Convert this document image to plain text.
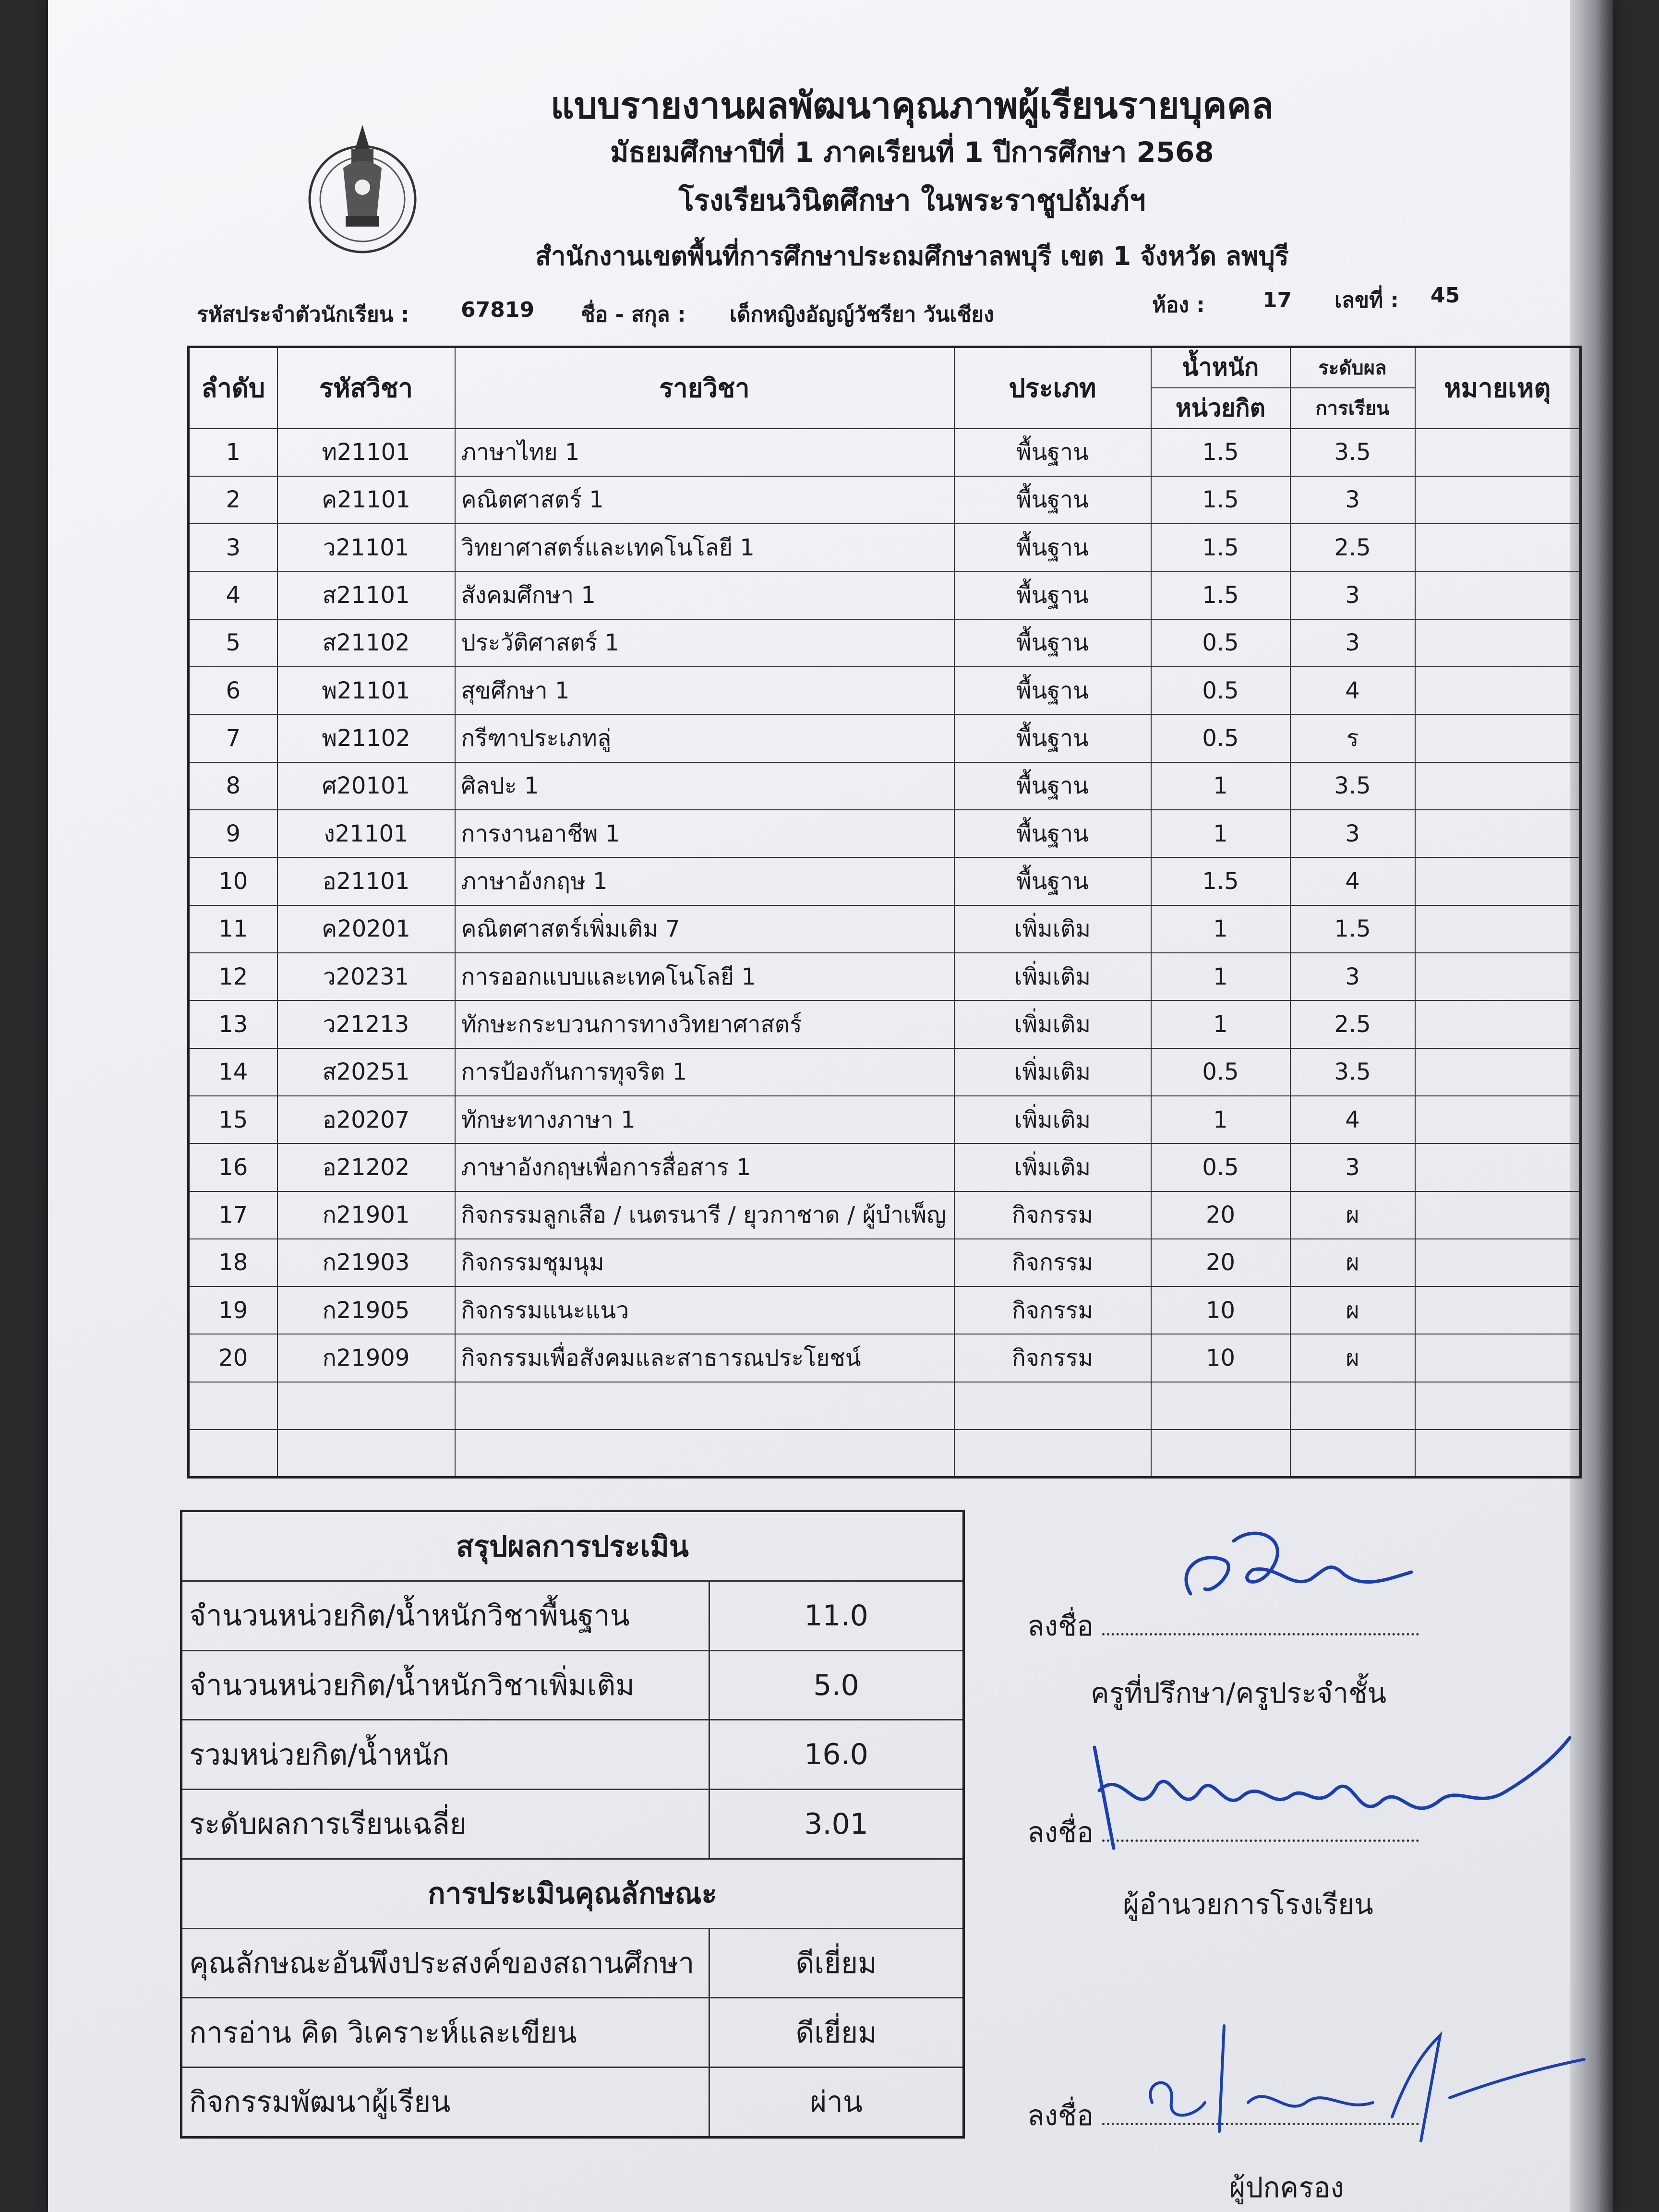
แบบรายงานผลพัฒนาคุณภาพผู้เรียนรายบุคคล
มัธยมศึกษาปีที่ 1 ภาคเรียนที่ 1 ปีการศึกษา 2568
โรงเรียนวินิตศึกษา ในพระราชูปถัมภ์ฯ
สำนักงานเขตพื้นที่การศึกษาประถมศึกษาลพบุรี เขต 1 จังหวัด ลพบุรี
รหัสประจำตัวนักเรียน : 67819 ชื่อ - สกุล : เด็กหญิงอัญญ์วัชรียา วันเชียง	ห้อง :	17 เลขที่ : 45
ลำดับ	รหัสวิชา	รายวิชา	ประเภท	น้ำหนัก	ระดับผล	หมายเหตุ
				หน่วยกิต	การเรียน	
1	ท21101	ภาษาไทย 1	พื้นฐาน	1.5	3.5	
2	ค21101	คณิตศาสตร์ 1	พื้นฐาน	1.5	3	
3	ว21101	วิทยาศาสตร์และเทคโนโลยี 1	พื้นฐาน	1.5	2.5	
4	ส21101	สังคมศึกษา 1	พื้นฐาน	1.5	3	
5	ส21102	ประวัติศาสตร์ 1	พื้นฐาน	0.5	3	
6	พ21101	สุขศึกษา 1	พื้นฐาน	0.5	4	
7	พ21102	กรีฑาประเภทลู่	พื้นฐาน	0.5	ร	
8	ศ20101	ศิลปะ 1	พื้นฐาน	1	3.5	
9	ง21101	การงานอาชีพ 1	พื้นฐาน	1	3	
10	อ21101	ภาษาอังกฤษ 1	พื้นฐาน	1.5	4	
11	ค20201	คณิตศาสตร์เพิ่มเติม 7	เพิ่มเติม	1	1.5	
12	ว20231	การออกแบบและเทคโนโลยี 1	เพิ่มเติม	1	3	
13	ว21213	ทักษะกระบวนการทางวิทยาศาสตร์	เพิ่มเติม	1	2.5	
14	ส20251	การป้องกันการทุจริต 1	เพิ่มเติม	0.5	3.5	
15	อ20207	ทักษะทางภาษา 1	เพิ่มเติม	1	4	
16	อ21202	ภาษาอังกฤษเพื่อการสื่อสาร 1	เพิ่มเติม	0.5	3	
17	ก21901	กิจกรรมลูกเสือ / เนตรนารี / ยุวกาชาด / ผู้บำเพ็ญ	กิจกรรม	20	ผ	
18	ก21903	กิจกรรมชุมนุม	กิจกรรม	20	ผ	
19	ก21905	กิจกรรมแนะแนว	กิจกรรม	10	ผ	
20	ก21909	กิจกรรมเพื่อสังคมและสาธารณประโยชน์	กิจกรรม	10	ผ	

สรุปผลการประเมิน	
จำนวนหน่วยกิต/น้ำหนักวิชาพื้นฐาน	11.0
จำนวนหน่วยกิต/น้ำหนักวิชาเพิ่มเติม	5.0
รวมหน่วยกิต/น้ำหนัก	16.0
ระดับผลการเรียนเฉลี่ย	3.01
การประเมินคุณลักษณะ	
คุณลักษณะอันพึงประสงค์ของสถานศึกษา	ดีเยี่ยม
การอ่าน คิด วิเคราะห์และเขียน	ดีเยี่ยม
กิจกรรมพัฒนาผู้เรียน	ผ่าน
ลงชื่อ
ครูที่ปรึกษา/ครูประจำชั้น
ลงชื่อ
ผู้อำนวยการโรงเรียน
ลงชื่อ
ผู้ปกครอง
